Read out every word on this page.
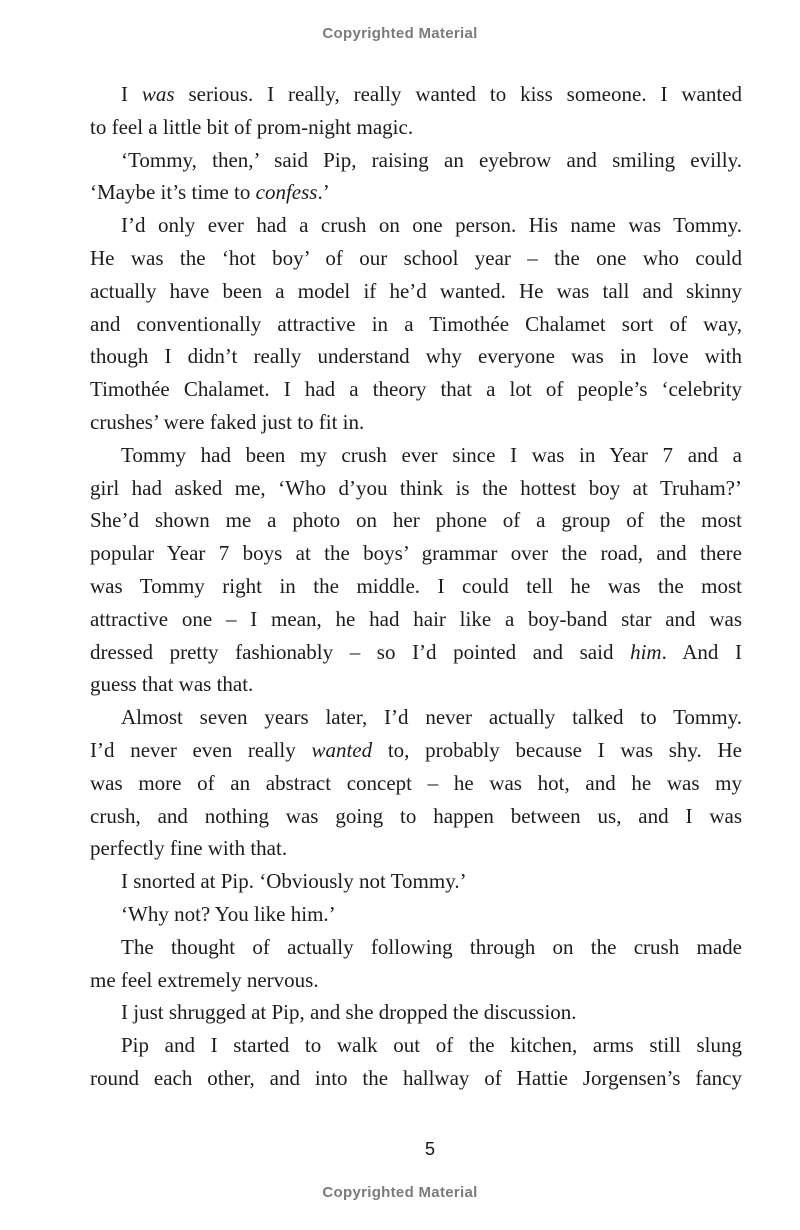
Copyrighted Material
I was serious. I really, really wanted to kiss someone. I wanted
to feel a little bit of prom-night magic.
‘Tommy, then,’ said Pip, raising an eyebrow and smiling evilly.
‘Maybe it’s time to confess.’
I’d only ever had a crush on one person. His name was Tommy.
He was the ‘hot boy’ of our school year – the one who could
actually have been a model if he’d wanted. He was tall and skinny
and conventionally attractive in a Timothée Chalamet sort of way,
though I didn’t really understand why everyone was in love with
Timothée Chalamet. I had a theory that a lot of people’s ‘celebrity
crushes’ were faked just to fit in.
Tommy had been my crush ever since I was in Year 7 and a
girl had asked me, ‘Who d’you think is the hottest boy at Truham?’
She’d shown me a photo on her phone of a group of the most
popular Year 7 boys at the boys’ grammar over the road, and there
was Tommy right in the middle. I could tell he was the most
attractive one – I mean, he had hair like a boy-band star and was
dressed pretty fashionably – so I’d pointed and said him. And I
guess that was that.
Almost seven years later, I’d never actually talked to Tommy.
I’d never even really wanted to, probably because I was shy. He
was more of an abstract concept – he was hot, and he was my
crush, and nothing was going to happen between us, and I was
perfectly fine with that.
I snorted at Pip. ‘Obviously not Tommy.’
‘Why not? You like him.’
The thought of actually following through on the crush made
me feel extremely nervous.
I just shrugged at Pip, and she dropped the discussion.
Pip and I started to walk out of the kitchen, arms still slung
round each other, and into the hallway of Hattie Jorgensen’s fancy
5
Copyrighted Material
